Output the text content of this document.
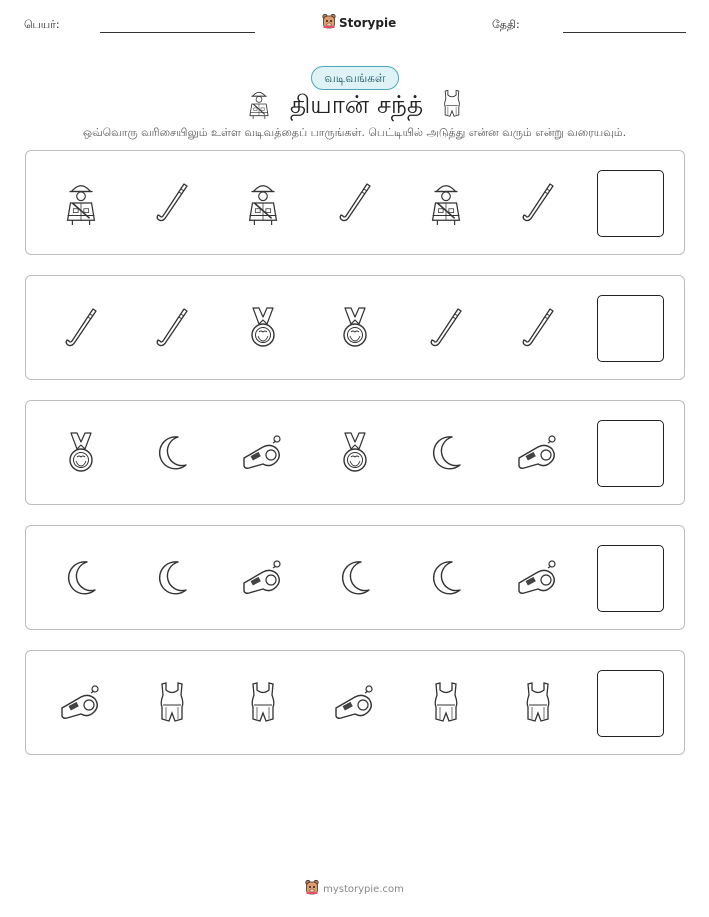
பெயர்:	Storypie	தேதி:
வடிவங்கள்
தியான் சந்த்
ஒவ்வொரு வரிசையிலும் உள்ள வடிவத்தைப் பாருங்கள். பெட்டியில் அடுத்து என்ன வரும் என்று வரையவும்.
mystorypie.com
